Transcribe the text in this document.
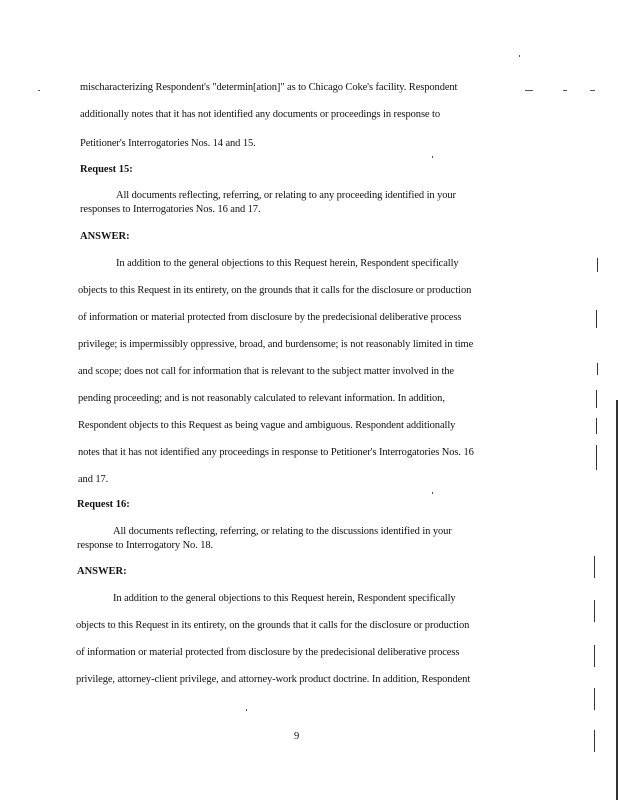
mischaracterizing Respondent's "determin[ation]" as to Chicago Coke's facility. Respondent
additionally notes that it has not identified any documents or proceedings in response to
Petitioner's Interrogatories Nos. 14 and 15.
Request 15:
All documents reflecting, referring, or relating to any proceeding identified in your
responses to Interrogatories Nos. 16 and 17.
ANSWER:
In addition to the general objections to this Request herein, Respondent specifically
objects to this Request in its entirety, on the grounds that it calls for the disclosure or production
of information or material protected from disclosure by the predecisional deliberative process
privilege; is impermissibly oppressive, broad, and burdensome; is not reasonably limited in time
and scope; does not call for information that is relevant to the subject matter involved in the
pending proceeding; and is not reasonably calculated to relevant information. In addition,
Respondent objects to this Request as being vague and ambiguous. Respondent additionally
notes that it has not identified any proceedings in response to Petitioner's Interrogatories Nos. 16
and 17.
Request 16:
All documents reflecting, referring, or relating to the discussions identified in your
response to Interrogatory No. 18.
ANSWER:
In addition to the general objections to this Request herein, Respondent specifically
objects to this Request in its entirety, on the grounds that it calls for the disclosure or production
of information or material protected from disclosure by the predecisional deliberative process
privilege, attorney-client privilege, and attorney-work product doctrine. In addition, Respondent
9
